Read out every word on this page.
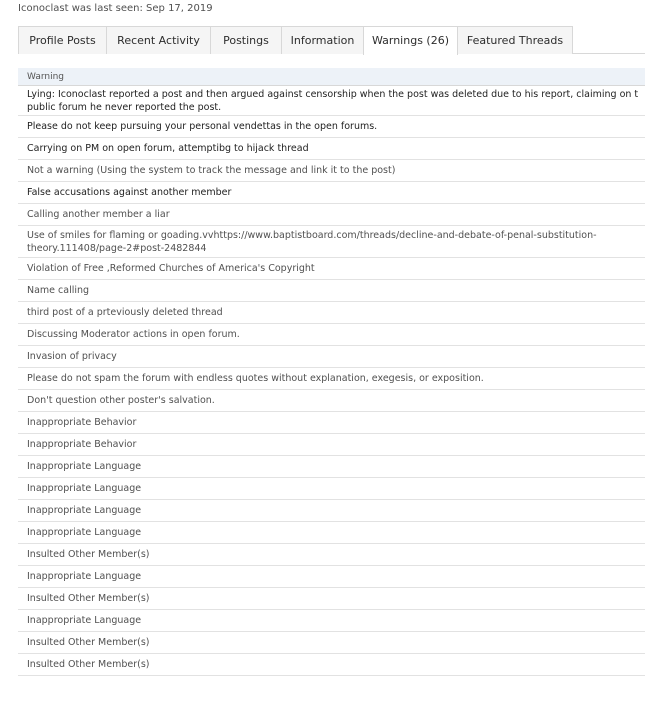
Iconoclast was last seen: Sep 17, 2019
Profile Posts	Recent Activity	Postings	Information	Warnings (26)	Featured Threads
Warning
Lying: Iconoclast reported a post and then argued against censorship when the post was deleted due to his report, claiming on t
public forum he never reported the post.
Please do not keep pursuing your personal vendettas in the open forums.
Carrying on PM on open forum, attemptibg to hijack thread
Not a warning (Using the system to track the message and link it to the post)
False accusations against another member
Calling another member a liar
Use of smiles for flaming or goading.vvhttps://www.baptistboard.com/threads/decline-and-debate-of-penal-substitution-
theory.111408/page-2#post-2482844
Violation of Free ,Reformed Churches of America's Copyright
Name calling
third post of a prteviously deleted thread
Discussing Moderator actions in open forum.
Invasion of privacy
Please do not spam the forum with endless quotes without explanation, exegesis, or exposition.
Don't question other poster's salvation.
Inappropriate Behavior
Inappropriate Behavior
Inappropriate Language
Inappropriate Language
Inappropriate Language
Inappropriate Language
Insulted Other Member(s)
Inappropriate Language
Insulted Other Member(s)
Inappropriate Language
Insulted Other Member(s)
Insulted Other Member(s)
